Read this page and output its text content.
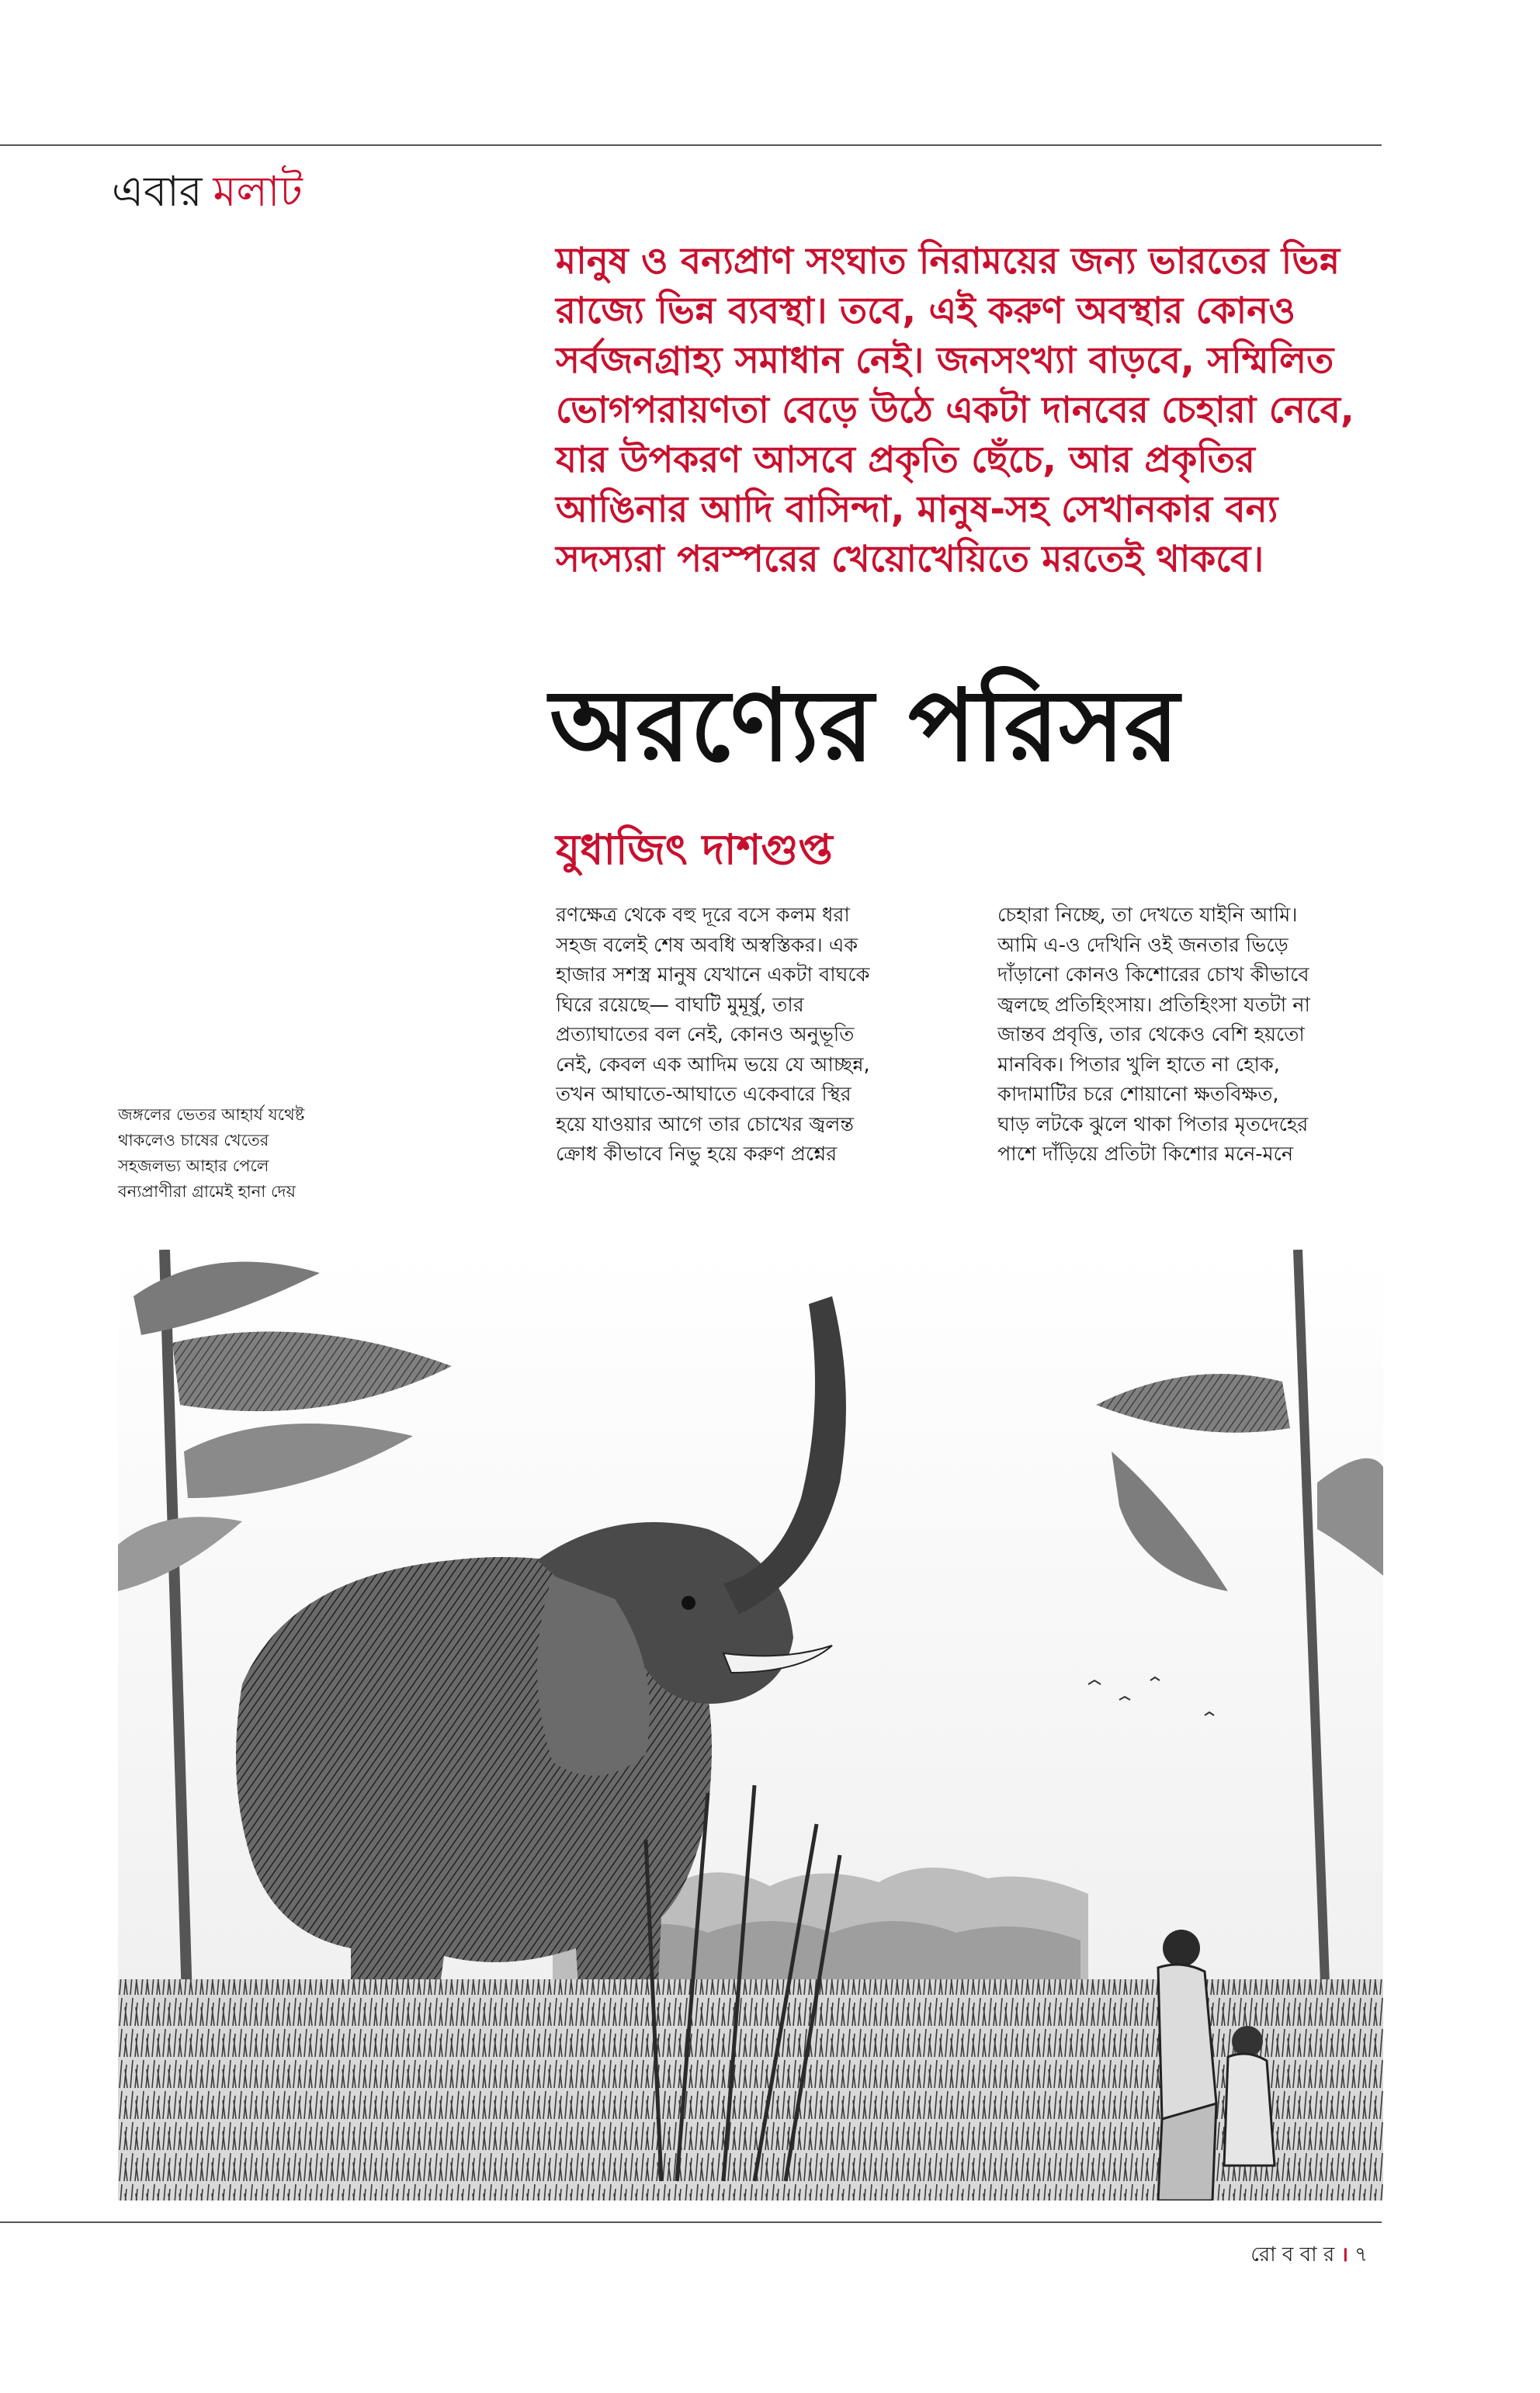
এবার মলাট
মানুষ ও বন্যপ্রাণ সংঘাত নিরাময়ের জন্য ভারতের ভিন্ন রাজ্যে ভিন্ন ব্যবস্থা। তবে, এই করুণ অবস্থার কোনও সর্বজনগ্রাহ্য সমাধান নেই। জনসংখ্যা বাড়বে, সম্মিলিত ভোগপরায়ণতা বেড়ে উঠে একটা দানবের চেহারা নেবে, যার উপকরণ আসবে প্রকৃতি ছেঁচে, আর প্রকৃতির আঙিনার আদি বাসিন্দা, মানুষ-সহ সেখানকার বন্য সদস্যরা পরস্পরের খেয়োখেয়িতে মরতেই থাকবে।
অরণ্যের পরিসর
যুধাজিৎ দাশগুপ্ত
রণক্ষেত্র থেকে বহু দূরে বসে কলম ধরা
সহজ বলেই শেষ অবধি অস্বস্তিকর। এক
হাজার সশস্ত্র মানুষ যেখানে একটা বাঘকে
ঘিরে রয়েছে— বাঘটি মুমূর্ষু, তার
প্রত্যাঘাতের বল নেই, কোনও অনুভূতি
নেই, কেবল এক আদিম ভয়ে যে আচ্ছন্ন,
তখন আঘাতে-আঘাতে একেবারে স্থির
হয়ে যাওয়ার আগে তার চোখের জ্বলন্ত
ক্রোধ কীভাবে নিভু হয়ে করুণ প্রশ্নের
চেহারা নিচ্ছে, তা দেখতে যাইনি আমি।
আমি এ-ও দেখিনি ওই জনতার ভিড়ে
দাঁড়ানো কোনও কিশোরের চোখ কীভাবে
জ্বলছে প্রতিহিংসায়। প্রতিহিংসা যতটা না
জান্তব প্রবৃত্তি, তার থেকেও বেশি হয়তো
মানবিক। পিতার খুলি হাতে না হোক,
কাদামাটির চরে শোয়ানো ক্ষতবিক্ষত,
ঘাড় লটকে ঝুলে থাকা পিতার মৃতদেহের
পাশে দাঁড়িয়ে প্রতিটা কিশোর মনে-মনে
জঙ্গলের ভেতর আহার্য যথেষ্ট
থাকলেও চাষের খেতের
সহজলভ্য আহার পেলে
বন্যপ্রাণীরা গ্রামেই হানা দেয়
রো ব বা র । ৭
